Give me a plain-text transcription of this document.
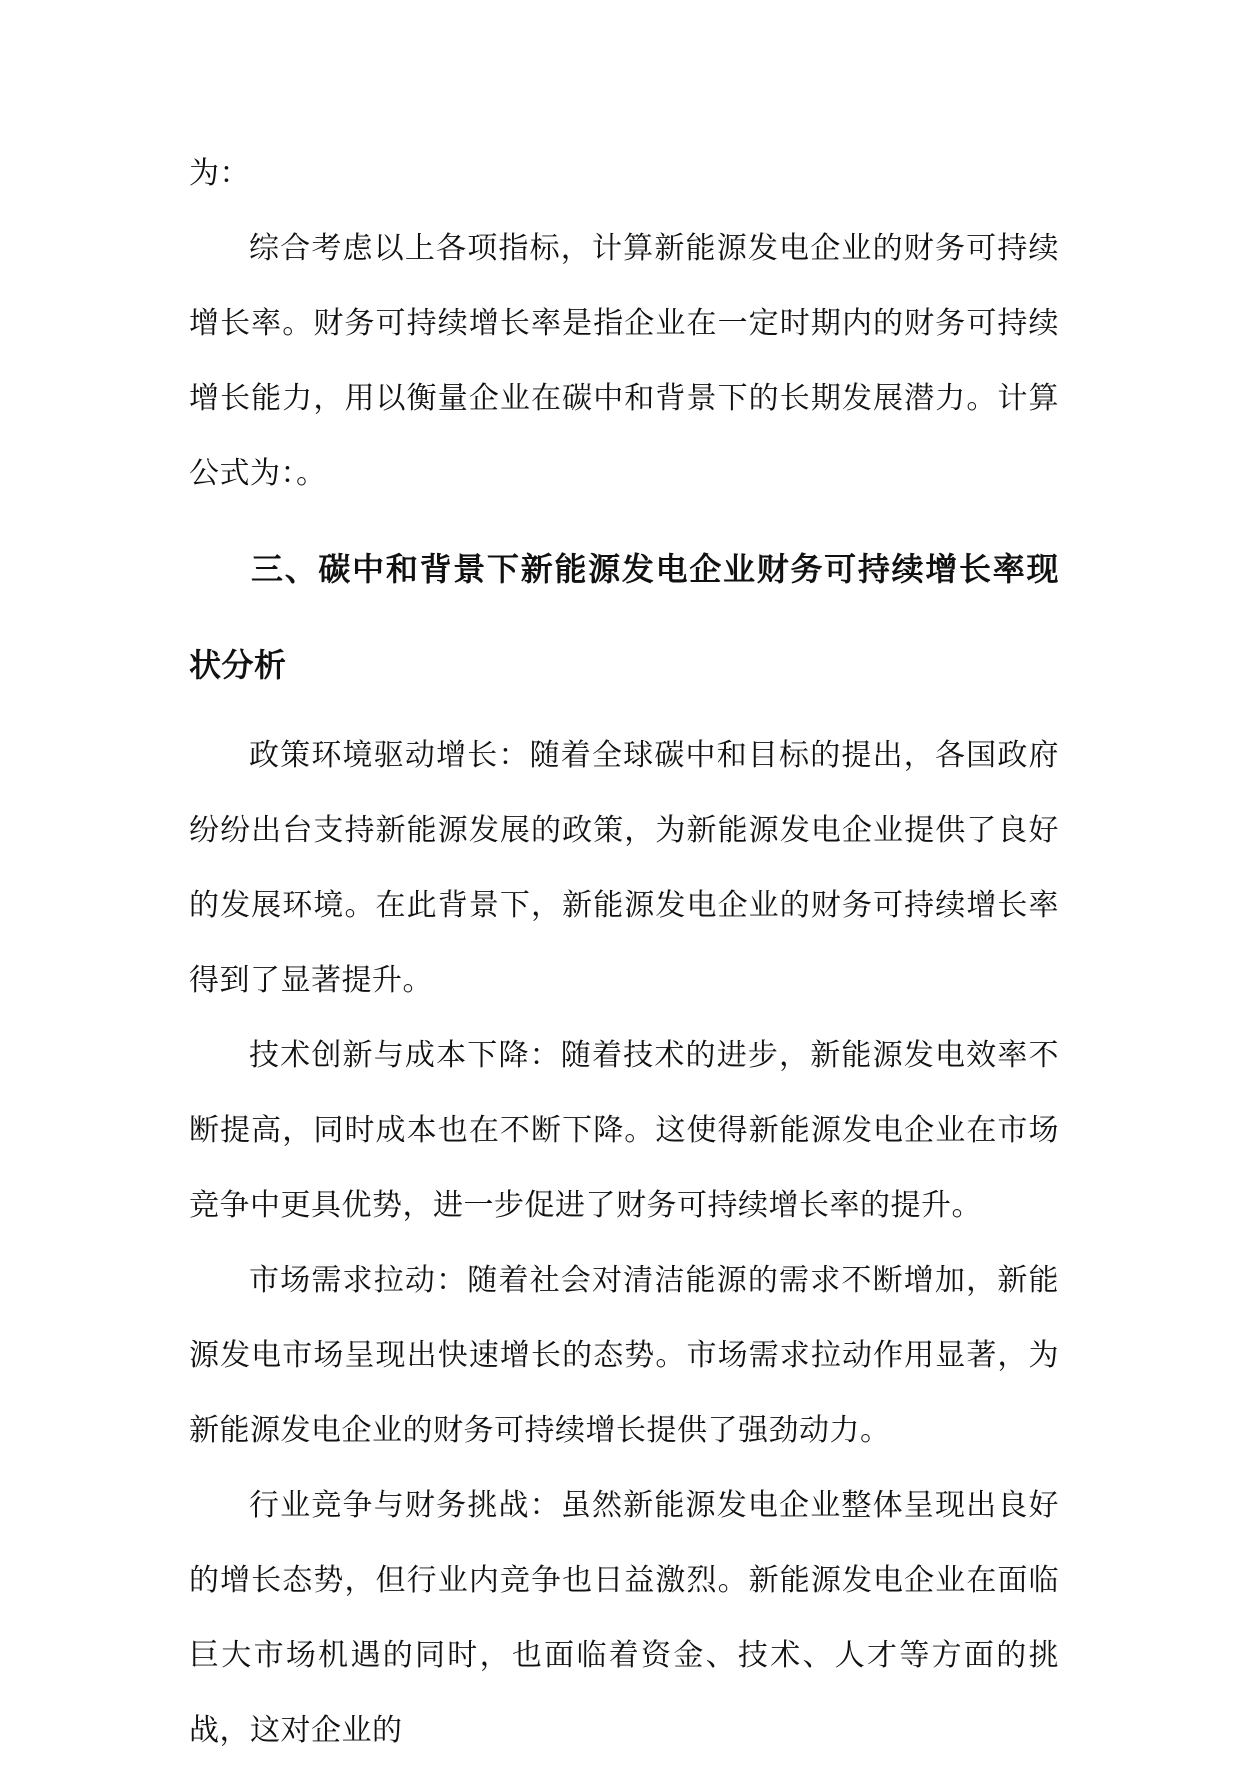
为：

综合考虑以上各项指标，计算新能源发电企业的财务可持续增长率。财务可持续增长率是指企业在一定时期内的财务可持续增长能力，用以衡量企业在碳中和背景下的长期发展潜力。计算公式为：。

三、碳中和背景下新能源发电企业财务可持续增长率现状分析

政策环境驱动增长：随着全球碳中和目标的提出，各国政府纷纷出台支持新能源发展的政策，为新能源发电企业提供了良好的发展环境。在此背景下，新能源发电企业的财务可持续增长率得到了显著提升。

技术创新与成本下降：随着技术的进步，新能源发电效率不断提高，同时成本也在不断下降。这使得新能源发电企业在市场竞争中更具优势，进一步促进了财务可持续增长率的提升。

市场需求拉动：随着社会对清洁能源的需求不断增加，新能源发电市场呈现出快速增长的态势。市场需求拉动作用显著，为新能源发电企业的财务可持续增长提供了强劲动力。

行业竞争与财务挑战：虽然新能源发电企业整体呈现出良好的增长态势，但行业内竞争也日益激烈。新能源发电企业在面临巨大市场机遇的同时，也面临着资金、技术、人才等方面的挑战，这对企业的
